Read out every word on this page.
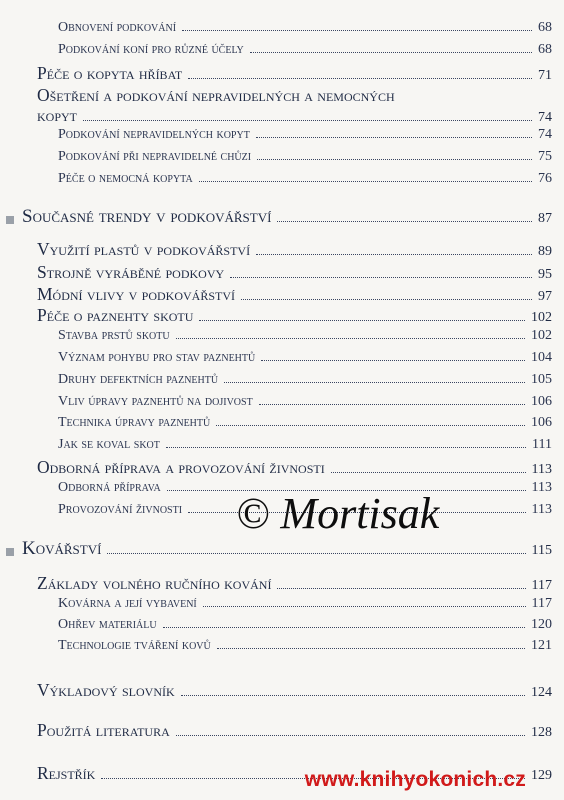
Obnovení podkování	68
Podkování koní pro různé účely	68
Péče o kopyta hříbat	71
Ošetření a podkování nepravidelných a nemocných
kopyt	74
Podkování nepravidelných kopyt	74
Podkování při nepravidelné chůzi	75
Péče o nemocná kopyta	76
Současné trendy v podkovářství	87
Využití plastů v podkovářství	89
Strojně vyráběné podkovy	95
Módní vlivy v podkovářství	97
Péče o paznehty skotu	102
Stavba prstů skotu	102
Význam pohybu pro stav paznehtů	104
Druhy defektních paznehtů	105
Vliv úpravy paznehtů na dojivost	106
Technika úpravy paznehtů	106
Jak se koval skot	111
Odborná příprava a provozování živnosti	113
Odborná příprava	113
Provozování živnosti	113
Kovářství	115
Základy volného ručního kování	117
Kovárna a její vybavení	117
Ohřev materiálu	120
Technologie tváření kovů	121
Výkladový slovník	124
Použitá literatura	128
Rejstřík	129
© Mortisak
www.knihyokonich.cz
